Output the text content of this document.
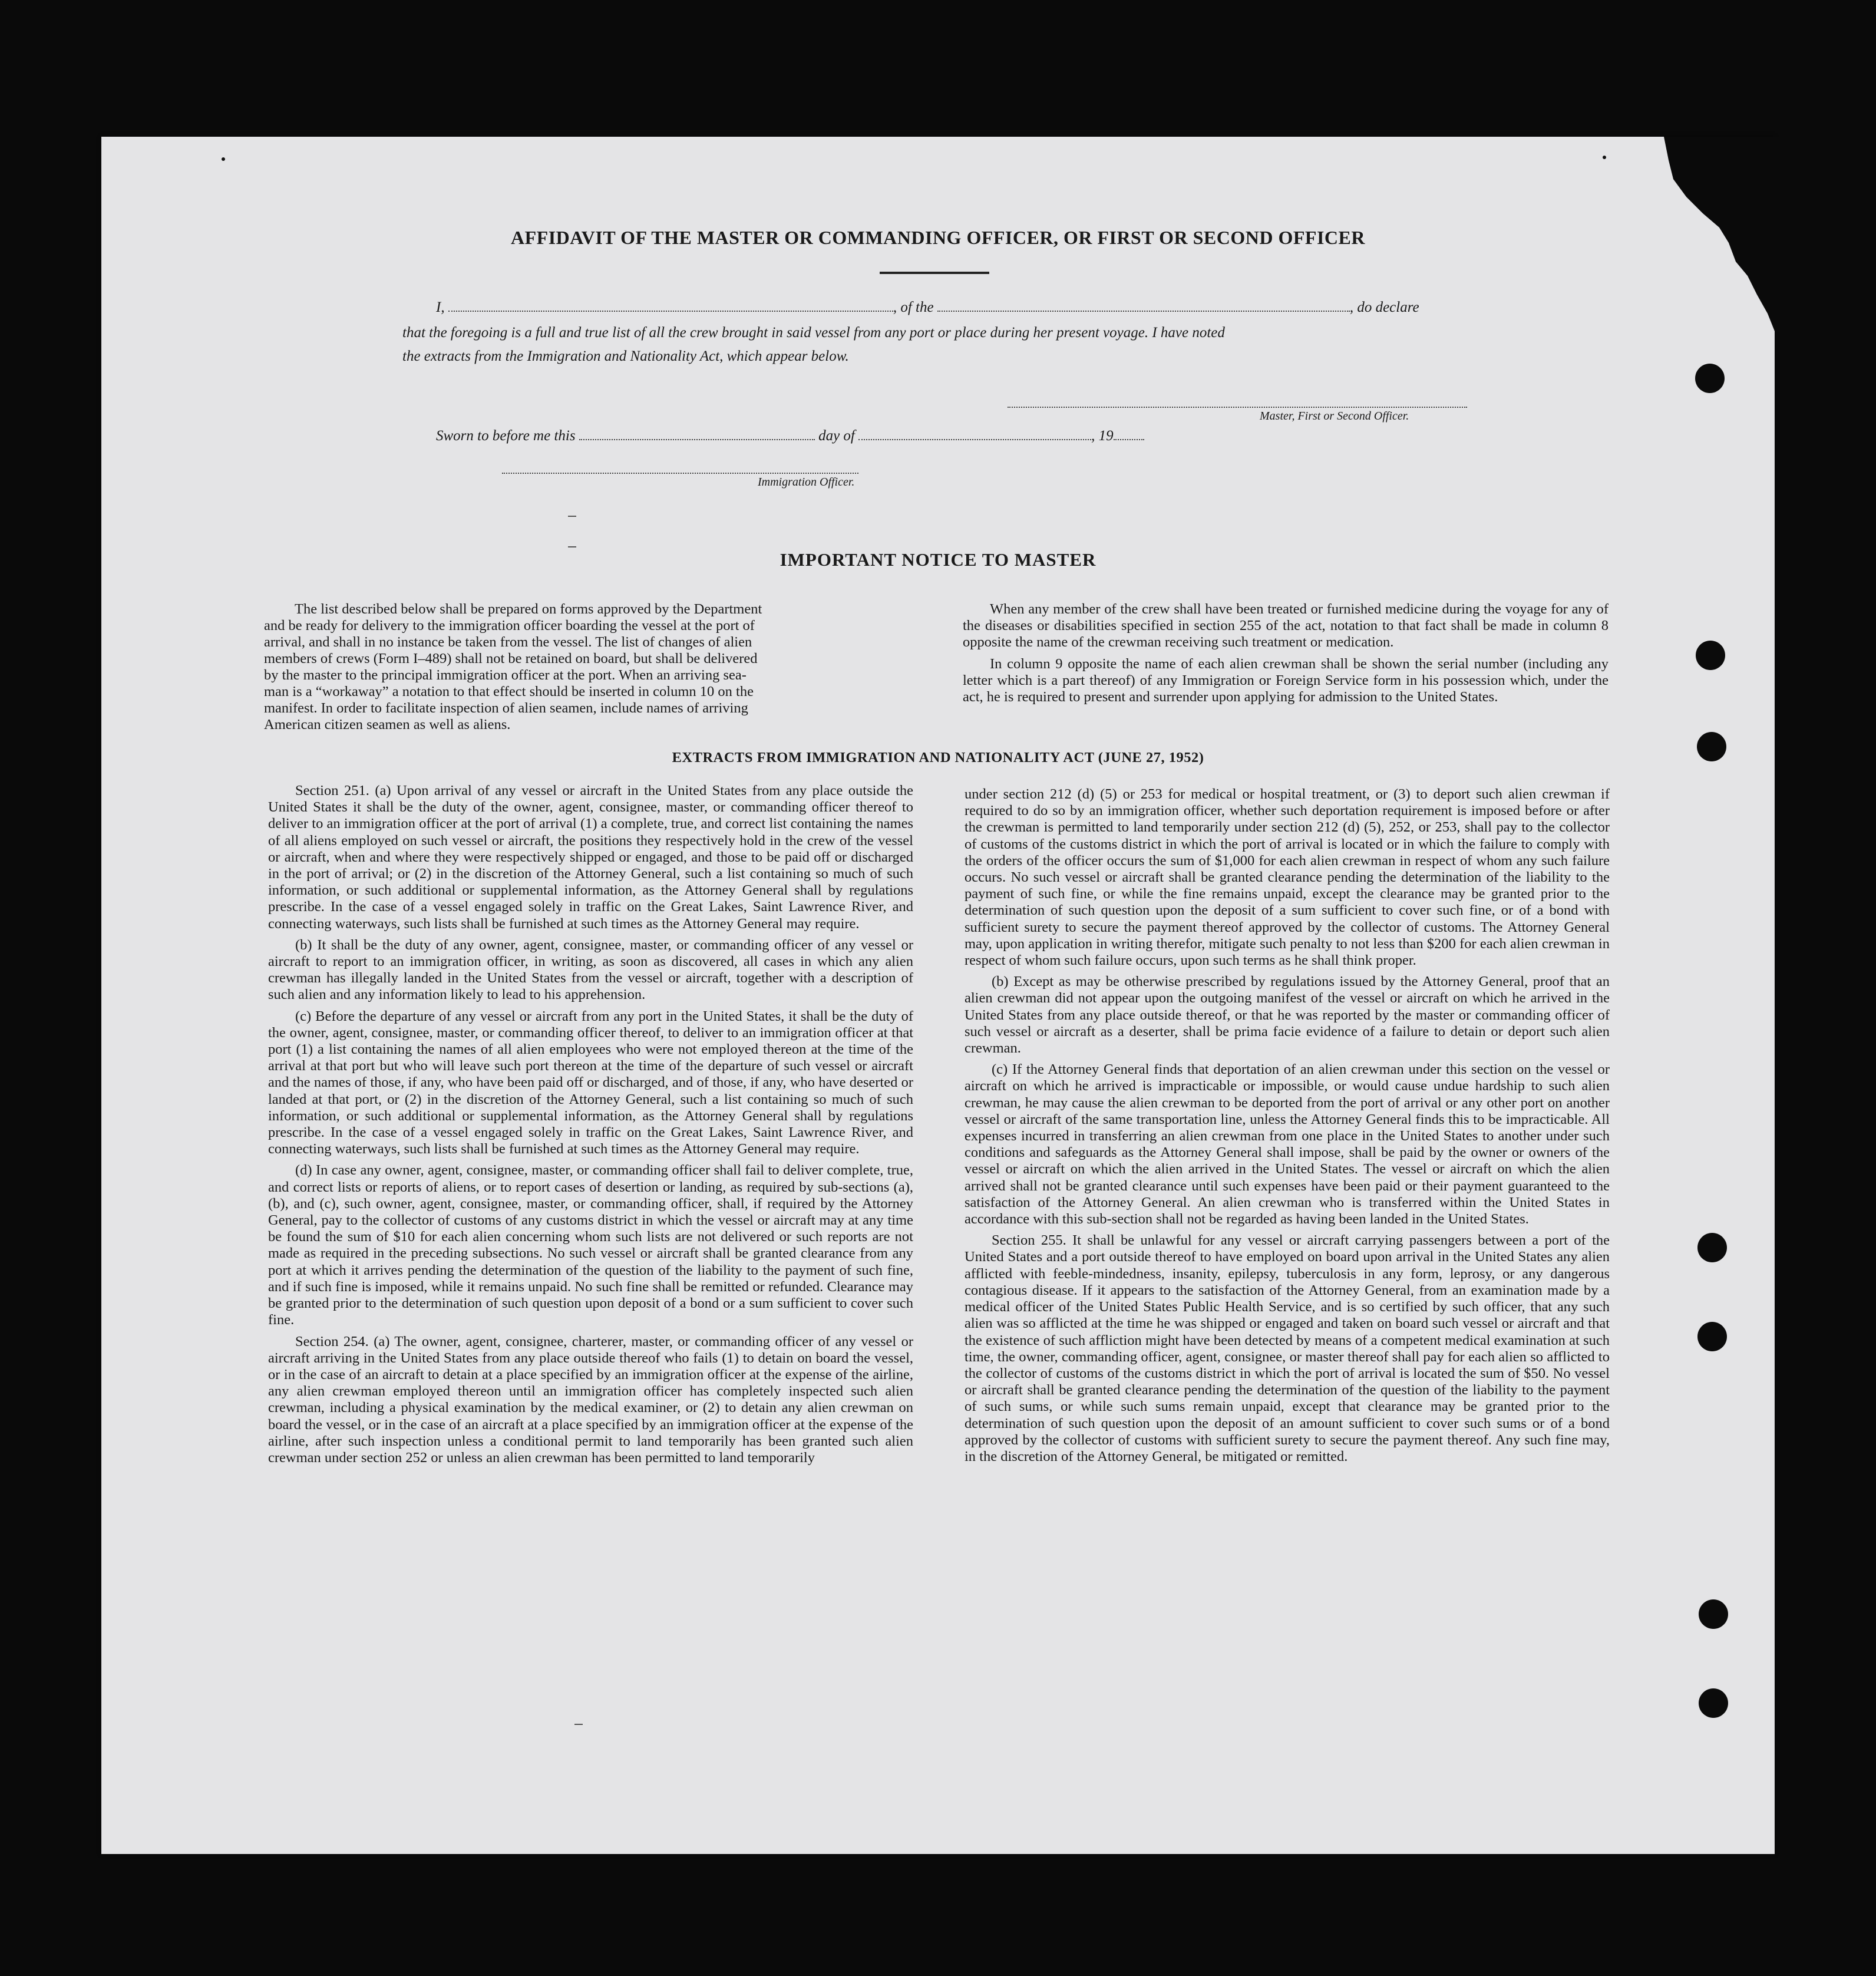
AFFIDAVIT OF THE MASTER OR COMMANDING OFFICER, OR FIRST OR SECOND OFFICER
I,	, of the	, do declare
that the foregoing is a full and true list of all the crew brought in said vessel from any port or place during her present voyage. I have noted
the extracts from the Immigration and Nationality Act, which appear below.
Master, First or Second Officer.
Sworn to before me this	day of	, 19
Immigration Officer.
IMPORTANT NOTICE TO MASTER
The list described below shall be prepared on forms approved by the Department
and be ready for delivery to the immigration officer boarding the vessel at the port of
arrival, and shall in no instance be taken from the vessel. The list of changes of alien
members of crews (Form I–489) shall not be retained on board, but shall be delivered
by the master to the principal immigration officer at the port. When an arriving sea-
man is a “workaway” a notation to that effect should be inserted in column 10 on the
manifest. In order to facilitate inspection of alien seamen, include names of arriving
American citizen seamen as well as aliens.

When any member of the crew shall have been treated or furnished medicine during the voyage for any of the diseases or disabilities specified in section 255 of the act, notation to that fact shall be made in column 8 opposite the name of the crewman receiving such treatment or medication.

In column 9 opposite the name of each alien crewman shall be shown the serial number (including any letter which is a part thereof) of any Immigration or Foreign Service form in his possession which, under the act, he is required to present and surrender upon applying for admission to the United States.

EXTRACTS FROM IMMIGRATION AND NATIONALITY ACT (JUNE 27, 1952)

Section 251. (a) Upon arrival of any vessel or aircraft in the United States from any place outside the United States it shall be the duty of the owner, agent, consignee, master, or commanding officer thereof to deliver to an immigration officer at the port of arrival (1) a complete, true, and correct list containing the names of all aliens employed on such vessel or aircraft, the positions they respectively hold in the crew of the vessel or aircraft, when and where they were respectively shipped or engaged, and those to be paid off or discharged in the port of arrival; or (2) in the discretion of the Attorney General, such a list containing so much of such information, or such additional or supplemental information, as the Attorney General shall by regulations prescribe. In the case of a vessel engaged solely in traffic on the Great Lakes, Saint Lawrence River, and connecting waterways, such lists shall be furnished at such times as the Attorney General may require.

(b) It shall be the duty of any owner, agent, consignee, master, or commanding officer of any vessel or aircraft to report to an immigration officer, in writing, as soon as discovered, all cases in which any alien crewman has illegally landed in the United States from the vessel or aircraft, together with a description of such alien and any information likely to lead to his apprehension.

(c) Before the departure of any vessel or aircraft from any port in the United States, it shall be the duty of the owner, agent, consignee, master, or commanding officer thereof, to deliver to an immigration officer at that port (1) a list containing the names of all alien employees who were not employed thereon at the time of the arrival at that port but who will leave such port thereon at the time of the departure of such vessel or aircraft and the names of those, if any, who have been paid off or discharged, and of those, if any, who have deserted or landed at that port, or (2) in the discretion of the Attorney General, such a list containing so much of such information, or such additional or supplemental information, as the Attorney General shall by regulations prescribe. In the case of a vessel engaged solely in traffic on the Great Lakes, Saint Lawrence River, and connecting waterways, such lists shall be furnished at such times as the Attorney General may require.

(d) In case any owner, agent, consignee, master, or commanding officer shall fail to deliver complete, true, and correct lists or reports of aliens, or to report cases of desertion or landing, as required by sub-sections (a), (b), and (c), such owner, agent, consignee, master, or commanding officer, shall, if required by the Attorney General, pay to the collector of customs of any customs district in which the vessel or aircraft may at any time be found the sum of $10 for each alien concerning whom such lists are not delivered or such reports are not made as required in the preceding subsections. No such vessel or aircraft shall be granted clearance from any port at which it arrives pending the determination of the question of the liability to the payment of such fine, and if such fine is imposed, while it remains unpaid. No such fine shall be remitted or refunded. Clearance may be granted prior to the determination of such question upon deposit of a bond or a sum sufficient to cover such fine.

Section 254. (a) The owner, agent, consignee, charterer, master, or commanding officer of any vessel or aircraft arriving in the United States from any place outside thereof who fails (1) to detain on board the vessel, or in the case of an aircraft to detain at a place specified by an immigration officer at the expense of the airline, any alien crewman employed thereon until an immigration officer has completely inspected such alien crewman, including a physical examination by the medical examiner, or (2) to detain any alien crewman on board the vessel, or in the case of an aircraft at a place specified by an immigration officer at the expense of the airline, after such inspection unless a conditional permit to land temporarily has been granted such alien crewman under section 252 or unless an alien crewman has been permitted to land temporarily

under section 212 (d) (5) or 253 for medical or hospital treatment, or (3) to deport such alien crewman if required to do so by an immigration officer, whether such deportation requirement is imposed before or after the crewman is permitted to land temporarily under section 212 (d) (5), 252, or 253, shall pay to the collector of customs of the customs district in which the port of arrival is located or in which the failure to comply with the orders of the officer occurs the sum of $1,000 for each alien crewman in respect of whom any such failure occurs. No such vessel or aircraft shall be granted clearance pending the determination of the liability to the payment of such fine, or while the fine remains unpaid, except the clearance may be granted prior to the determination of such question upon the deposit of a sum sufficient to cover such fine, or of a bond with sufficient surety to secure the payment thereof approved by the collector of customs. The Attorney General may, upon application in writing therefor, mitigate such penalty to not less than $200 for each alien crewman in respect of whom such failure occurs, upon such terms as he shall think proper.

(b) Except as may be otherwise prescribed by regulations issued by the Attorney General, proof that an alien crewman did not appear upon the outgoing manifest of the vessel or aircraft on which he arrived in the United States from any place outside thereof, or that he was reported by the master or commanding officer of such vessel or aircraft as a deserter, shall be prima facie evidence of a failure to detain or deport such alien crewman.

(c) If the Attorney General finds that deportation of an alien crewman under this section on the vessel or aircraft on which he arrived is impracticable or impossible, or would cause undue hardship to such alien crewman, he may cause the alien crewman to be deported from the port of arrival or any other port on another vessel or aircraft of the same transportation line, unless the Attorney General finds this to be impracticable. All expenses incurred in transferring an alien crewman from one place in the United States to another under such conditions and safeguards as the Attorney General shall impose, shall be paid by the owner or owners of the vessel or aircraft on which the alien arrived in the United States. The vessel or aircraft on which the alien arrived shall not be granted clearance until such expenses have been paid or their payment guaranteed to the satisfaction of the Attorney General. An alien crewman who is transferred within the United States in accordance with this sub-section shall not be regarded as having been landed in the United States.

Section 255. It shall be unlawful for any vessel or aircraft carrying passengers between a port of the United States and a port outside thereof to have employed on board upon arrival in the United States any alien afflicted with feeble-mindedness, insanity, epilepsy, tuberculosis in any form, leprosy, or any dangerous contagious disease. If it appears to the satisfaction of the Attorney General, from an examination made by a medical officer of the United States Public Health Service, and is so certified by such officer, that any such alien was so afflicted at the time he was shipped or engaged and taken on board such vessel or aircraft and that the existence of such affliction might have been detected by means of a competent medical examination at such time, the owner, commanding officer, agent, consignee, or master thereof shall pay for each alien so afflicted to the collector of customs of the customs district in which the port of arrival is located the sum of $50. No vessel or aircraft shall be granted clearance pending the determination of the question of the liability to the payment of such sums, or while such sums remain unpaid, except that clearance may be granted prior to the determination of such question upon the deposit of an amount sufficient to cover such sums or of a bond approved by the collector of customs with sufficient surety to secure the payment thereof. Any such fine may, in the discretion of the Attorney General, be mitigated or remitted.
